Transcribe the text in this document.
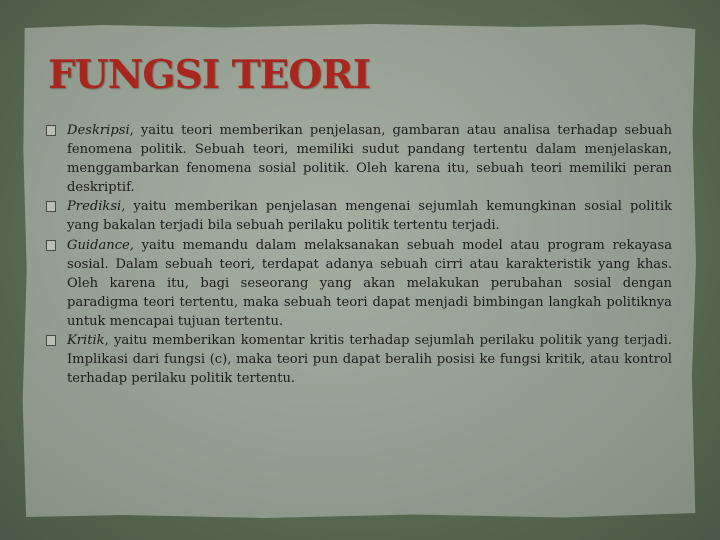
FUNGSI TEORI
Deskripsi, yaitu teori memberikan penjelasan, gambaran atau analisa terhadap sebuah fenomena politik. Sebuah teori, memiliki sudut pandang tertentu dalam menjelaskan, menggambarkan fenomena sosial politik. Oleh karena itu, sebuah teori memiliki peran deskriptif.
Prediksi, yaitu memberikan penjelasan mengenai sejumlah kemungkinan sosial politik yang bakalan terjadi bila sebuah perilaku politik tertentu terjadi.
Guidance, yaitu memandu dalam melaksanakan sebuah model atau program rekayasa sosial. Dalam sebuah teori, terdapat adanya sebuah cirri atau karakteristik yang khas. Oleh karena itu, bagi seseorang yang akan melakukan perubahan sosial dengan paradigma teori tertentu, maka sebuah teori dapat menjadi bimbingan langkah politiknya untuk mencapai tujuan tertentu.
Kritik, yaitu memberikan komentar kritis terhadap sejumlah perilaku politik yang terjadi. Implikasi dari fungsi (c), maka teori pun dapat beralih posisi ke fungsi kritik, atau kontrol terhadap perilaku politik tertentu.
